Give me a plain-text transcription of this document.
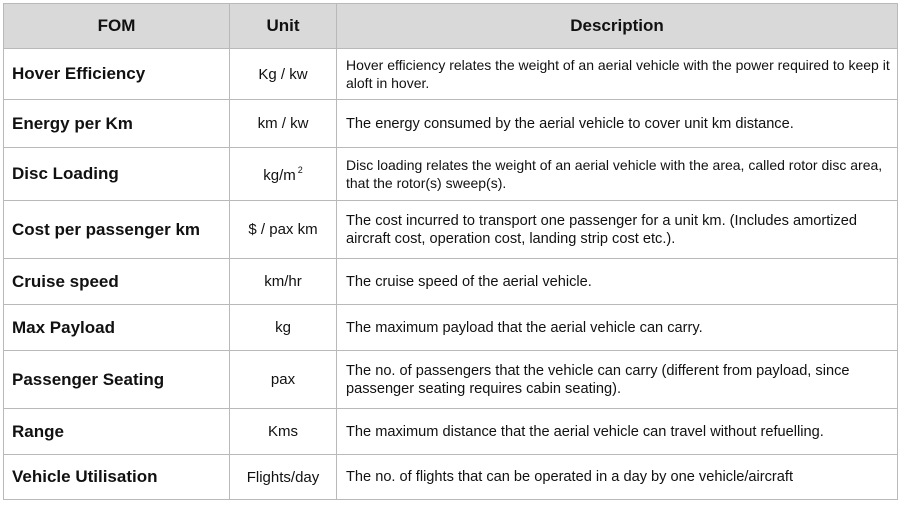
FOM	Unit	Description
Hover Efficiency	Kg / kw	Hover efficiency relates the weight of an aerial vehicle with the power required to keep it aloft in hover.
Energy per Km	km / kw	The energy consumed by the aerial vehicle to cover unit km distance.
Disc Loading	kg/m $^2$	Disc loading relates the weight of an aerial vehicle with the area, called rotor disc area, that the rotor(s) sweep(s).
Cost per passenger km	$ / pax km	The cost incurred to transport one passenger for a unit km. (Includes amortized aircraft cost, operation cost, landing strip cost etc.).
Cruise speed	km/hr	The cruise speed of the aerial vehicle.
Max Payload	kg	The maximum payload that the aerial vehicle can carry.
Passenger Seating	pax	The no. of passengers that the vehicle can carry (different from payload, since passenger seating requires cabin seating).
Range	Kms	The maximum distance that the aerial vehicle can travel without refuelling.
Vehicle Utilisation	Flights/day	The no. of flights that can be operated in a day by one vehicle/aircraft
